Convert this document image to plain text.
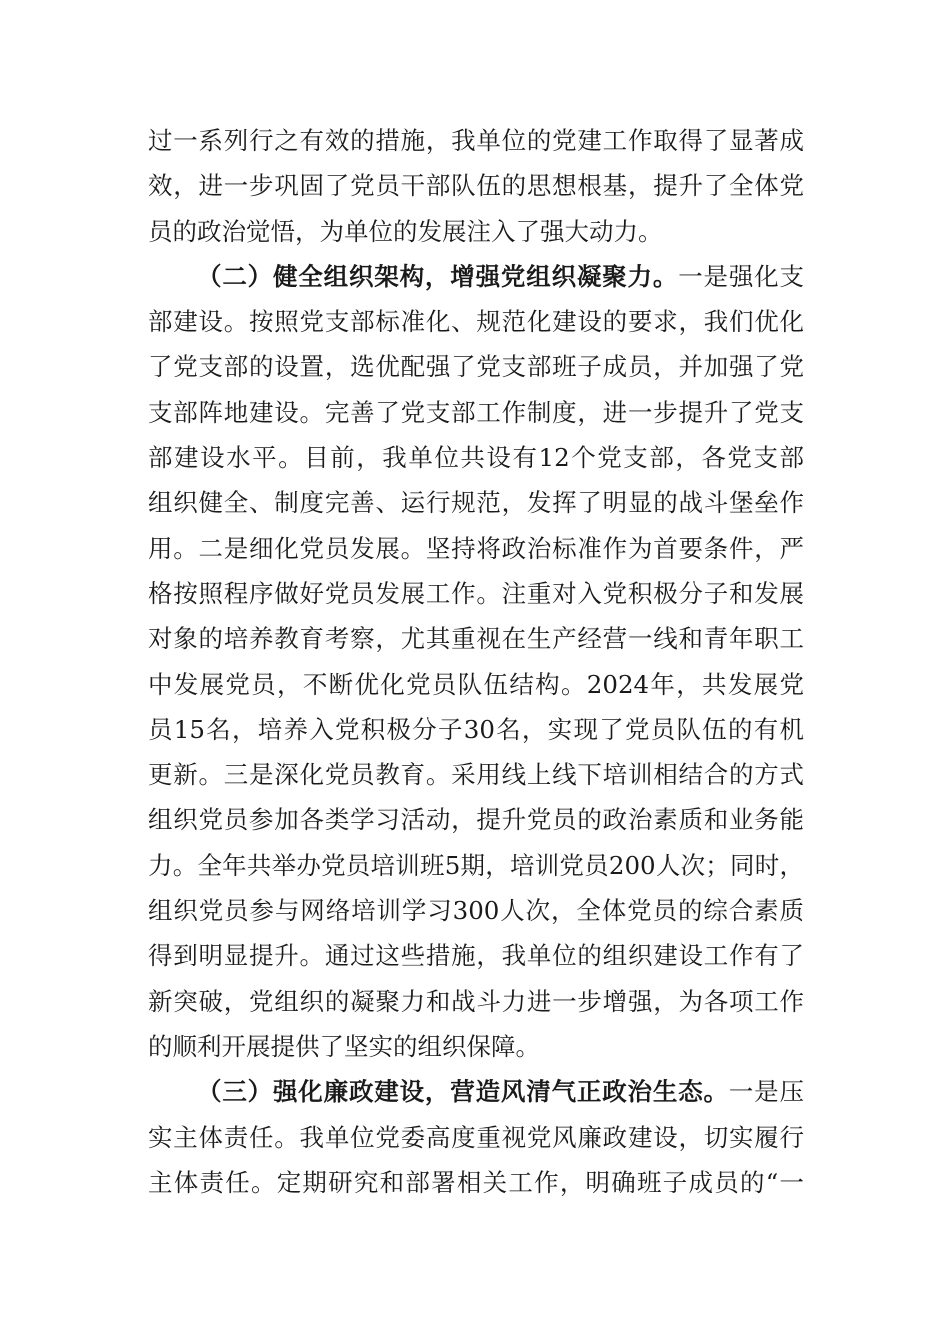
过一系列行之有效的措施，我单位的党建工作取得了显著成
效，进一步巩固了党员干部队伍的思想根基，提升了全体党
员的政治觉悟，为单位的发展注入了强大动力。
（二）健全组织架构，增强党组织凝聚力。一是强化支
部建设。按照党支部标准化、规范化建设的要求，我们优化
了党支部的设置，选优配强了党支部班子成员，并加强了党
支部阵地建设。完善了党支部工作制度，进一步提升了党支
部建设水平。目前，我单位共设有12个党支部，各党支部
组织健全、制度完善、运行规范，发挥了明显的战斗堡垒作
用。二是细化党员发展。坚持将政治标准作为首要条件，严
格按照程序做好党员发展工作。注重对入党积极分子和发展
对象的培养教育考察，尤其重视在生产经营一线和青年职工
中发展党员，不断优化党员队伍结构。2024年，共发展党
员15名，培养入党积极分子30名，实现了党员队伍的有机
更新。三是深化党员教育。采用线上线下培训相结合的方式
组织党员参加各类学习活动，提升党员的政治素质和业务能
力。全年共举办党员培训班5期，培训党员200人次；同时，
组织党员参与网络培训学习300人次，全体党员的综合素质
得到明显提升。通过这些措施，我单位的组织建设工作有了
新突破，党组织的凝聚力和战斗力进一步增强，为各项工作
的顺利开展提供了坚实的组织保障。
（三）强化廉政建设，营造风清气正政治生态。一是压
实主体责任。我单位党委高度重视党风廉政建设，切实履行
主体责任。定期研究和部署相关工作，明确班子成员的“一
